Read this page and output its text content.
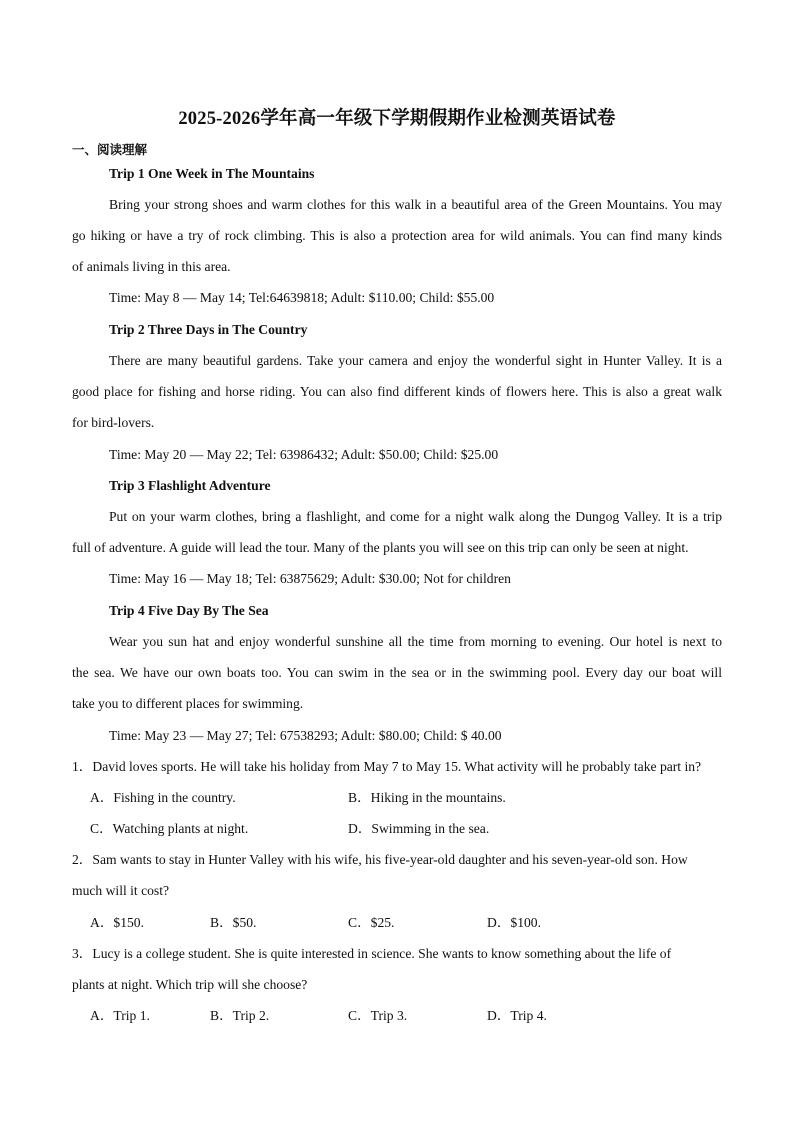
2025-2026学年高一年级下学期假期作业检测英语试卷
一、阅读理解
Trip 1 One Week in The Mountains
Bring your strong shoes and warm clothes for this walk in a beautiful area of the Green Mountains. You may
go hiking or have a try of rock climbing. This is also a protection area for wild animals. You can find many kinds
of animals living in this area.
Time: May 8 — May 14; Tel:64639818; Adult: $110.00; Child: $55.00
Trip 2 Three Days in The Country
There are many beautiful gardens. Take your camera and enjoy the wonderful sight in Hunter Valley. It is a
good place for fishing and horse riding. You can also find different kinds of flowers here. This is also a great walk
for bird-lovers.
Time: May 20 — May 22; Tel: 63986432; Adult: $50.00; Child: $25.00
Trip 3 Flashlight Adventure
Put on your warm clothes, bring a flashlight, and come for a night walk along the Dungog Valley. It is a trip
full of adventure. A guide will lead the tour. Many of the plants you will see on this trip can only be seen at night.
Time: May 16 — May 18; Tel: 63875629; Adult: $30.00; Not for children
Trip 4 Five Day By The Sea
Wear you sun hat and enjoy wonderful sunshine all the time from morning to evening. Our hotel is next to
the sea. We have our own boats too. You can swim in the sea or in the swimming pool. Every day our boat will
take you to different places for swimming.
Time: May 23 — May 27; Tel: 67538293; Adult: $80.00; Child: $ 40.00
1．David loves sports. He will take his holiday from May 7 to May 15. What activity will he probably take part in?
A．Fishing in the country.	B．Hiking in the mountains.
C．Watching plants at night.	D．Swimming in the sea.
2．Sam wants to stay in Hunter Valley with his wife, his five-year-old daughter and his seven-year-old son. How
much will it cost?
A．$150.	B．$50.	C．$25.	D．$100.
3．Lucy is a college student. She is quite interested in science. She wants to know something about the life of
plants at night. Which trip will she choose?
A．Trip 1.	B．Trip 2.	C．Trip 3.	D．Trip 4.
